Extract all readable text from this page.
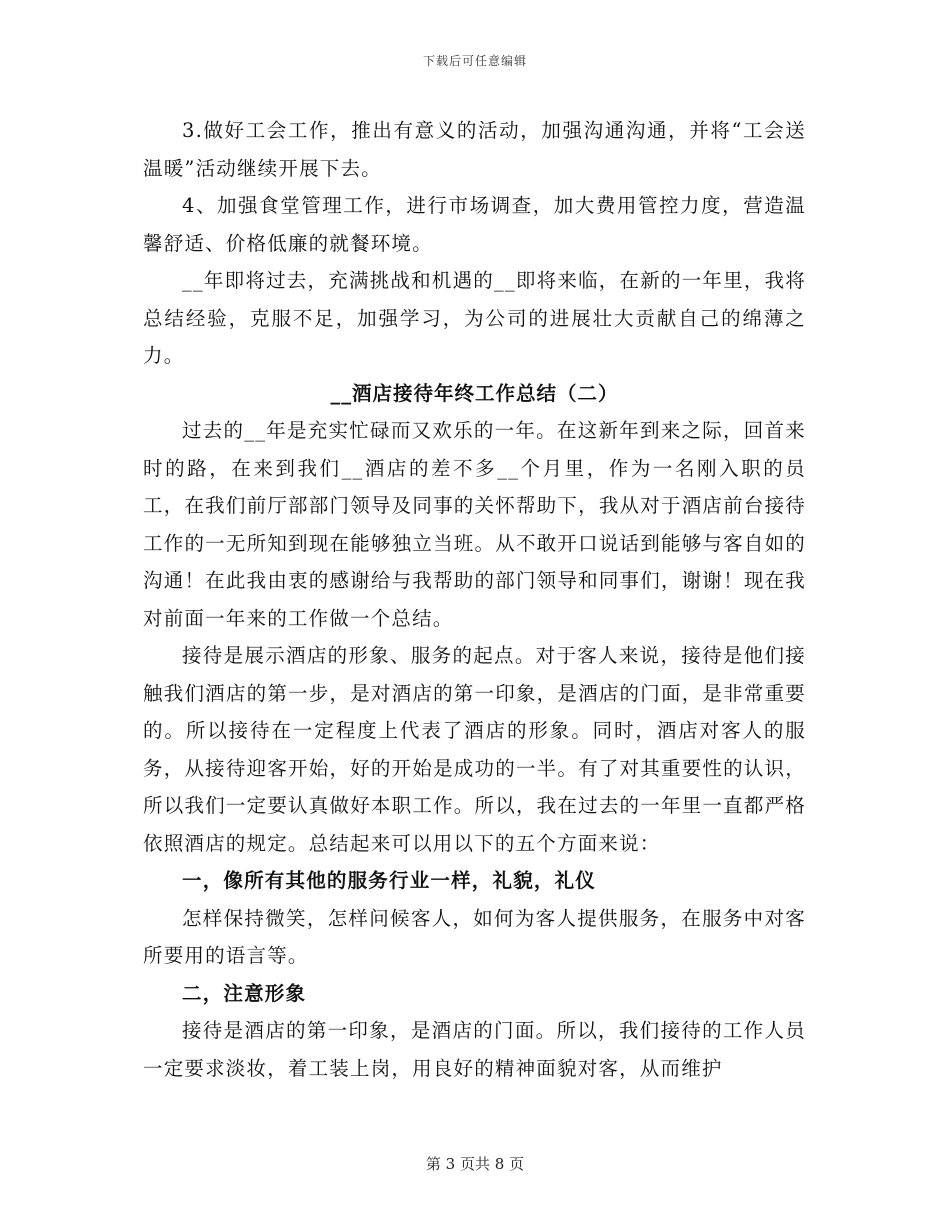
下载后可任意编辑

3.做好工会工作，推出有意义的活动，加强沟通沟通，并将“工会送温暖”活动继续开展下去。

4、加强食堂管理工作，进行市场调查，加大费用管控力度，营造温馨舒适、价格低廉的就餐环境。

__年即将过去，充满挑战和机遇的__即将来临，在新的一年里，我将总结经验，克服不足，加强学习，为公司的进展壮大贡献自己的绵薄之力。

__酒店接待年终工作总结（二）

过去的__年是充实忙碌而又欢乐的一年。在这新年到来之际，回首来时的路，在来到我们__酒店的差不多__个月里，作为一名刚入职的员工，在我们前厅部部门领导及同事的关怀帮助下，我从对于酒店前台接待工作的一无所知到现在能够独立当班。从不敢开口说话到能够与客自如的沟通！在此我由衷的感谢给与我帮助的部门领导和同事们，谢谢！现在我对前面一年来的工作做一个总结。

接待是展示酒店的形象、服务的起点。对于客人来说，接待是他们接触我们酒店的第一步，是对酒店的第一印象，是酒店的门面，是非常重要的。所以接待在一定程度上代表了酒店的形象。同时，酒店对客人的服务，从接待迎客开始，好的开始是成功的一半。有了对其重要性的认识，所以我们一定要认真做好本职工作。所以，我在过去的一年里一直都严格依照酒店的规定。总结起来可以用以下的五个方面来说：

一，像所有其他的服务行业一样，礼貌，礼仪

怎样保持微笑，怎样问候客人，如何为客人提供服务，在服务中对客所要用的语言等。

二，注意形象

接待是酒店的第一印象，是酒店的门面。所以，我们接待的工作人员一定要求淡妆，着工装上岗，用良好的精神面貌对客，从而维护

第 3 页共 8 页
